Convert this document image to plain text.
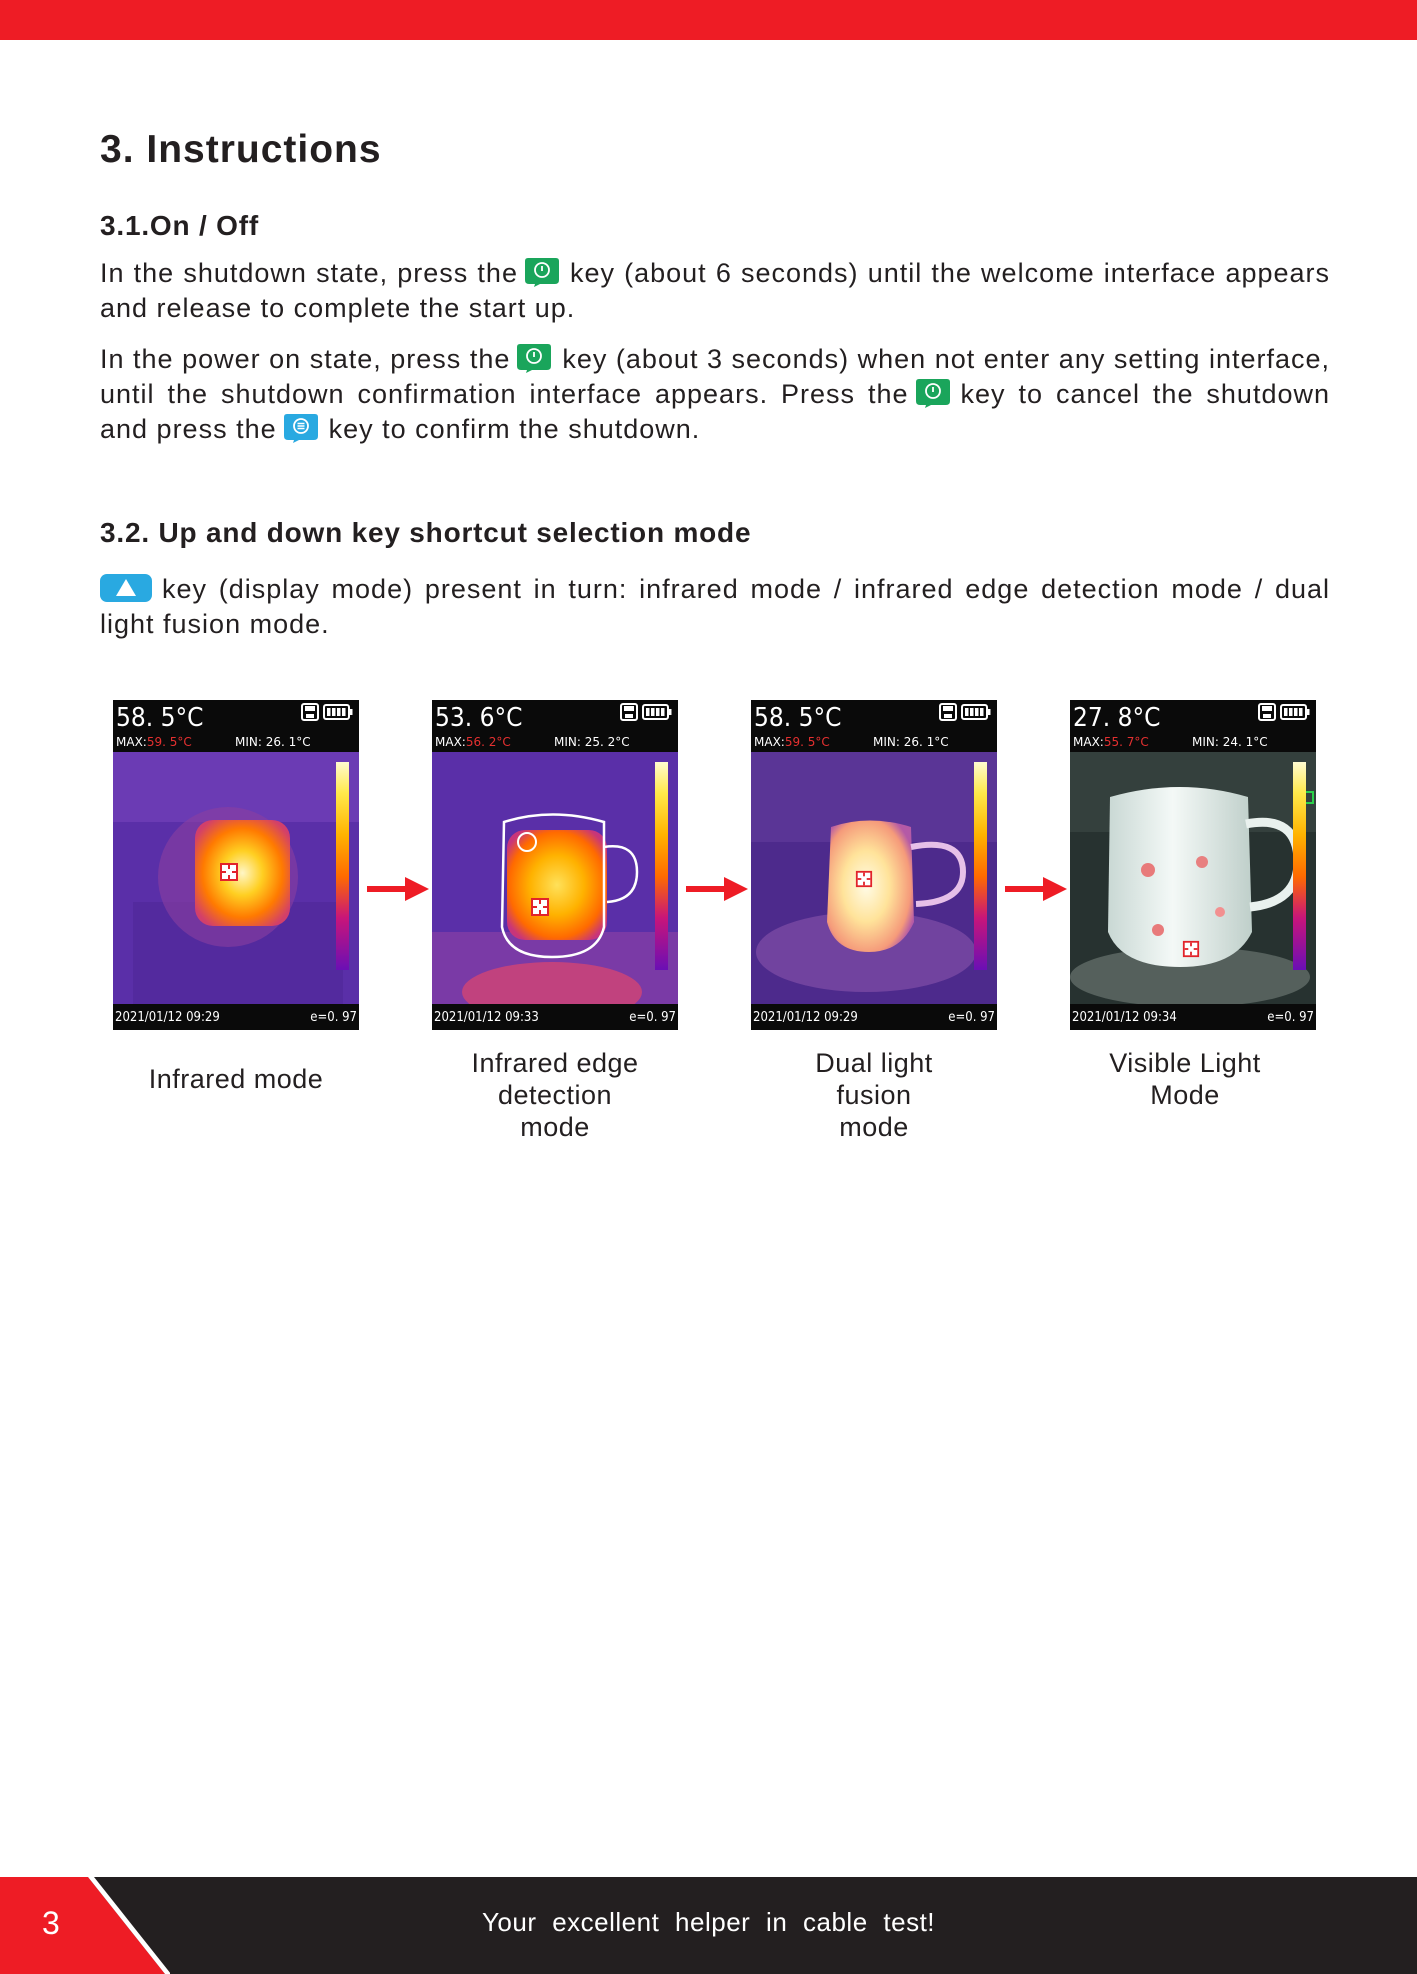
3. Instructions
3.1.On / Off

In the shutdown state, press the key (about 6 seconds) until the welcome interface appears and release to complete the start up.

In the power on state, press the key (about 3 seconds) when not enter any setting interface, until the shutdown confirmation interface appears. Press the key to cancel the shutdown and press the key to confirm the shutdown.

3.2. Up and down key shortcut selection mode

key (display mode) present in turn: infrared mode / infrared edge detection mode / dual light fusion mode.

58. 5°C
MAX:59. 5°C	MIN: 26. 1°C

2021/01/12 09:29	e=0. 97
53. 6°C
MAX:56. 2°C	MIN: 25. 2°C

2021/01/12 09:33	e=0. 97
58. 5°C
MAX:59. 5°C	MIN: 26. 1°C

2021/01/12 09:29	e=0. 97
27. 8°C
MAX:55. 7°C	MIN: 24. 1°C

2021/01/12 09:34	e=0. 97
Infrared mode
Infrared edge detection mode
Dual light fusion mode
Visible Light Mode
3	Your excellent helper in cable test!
